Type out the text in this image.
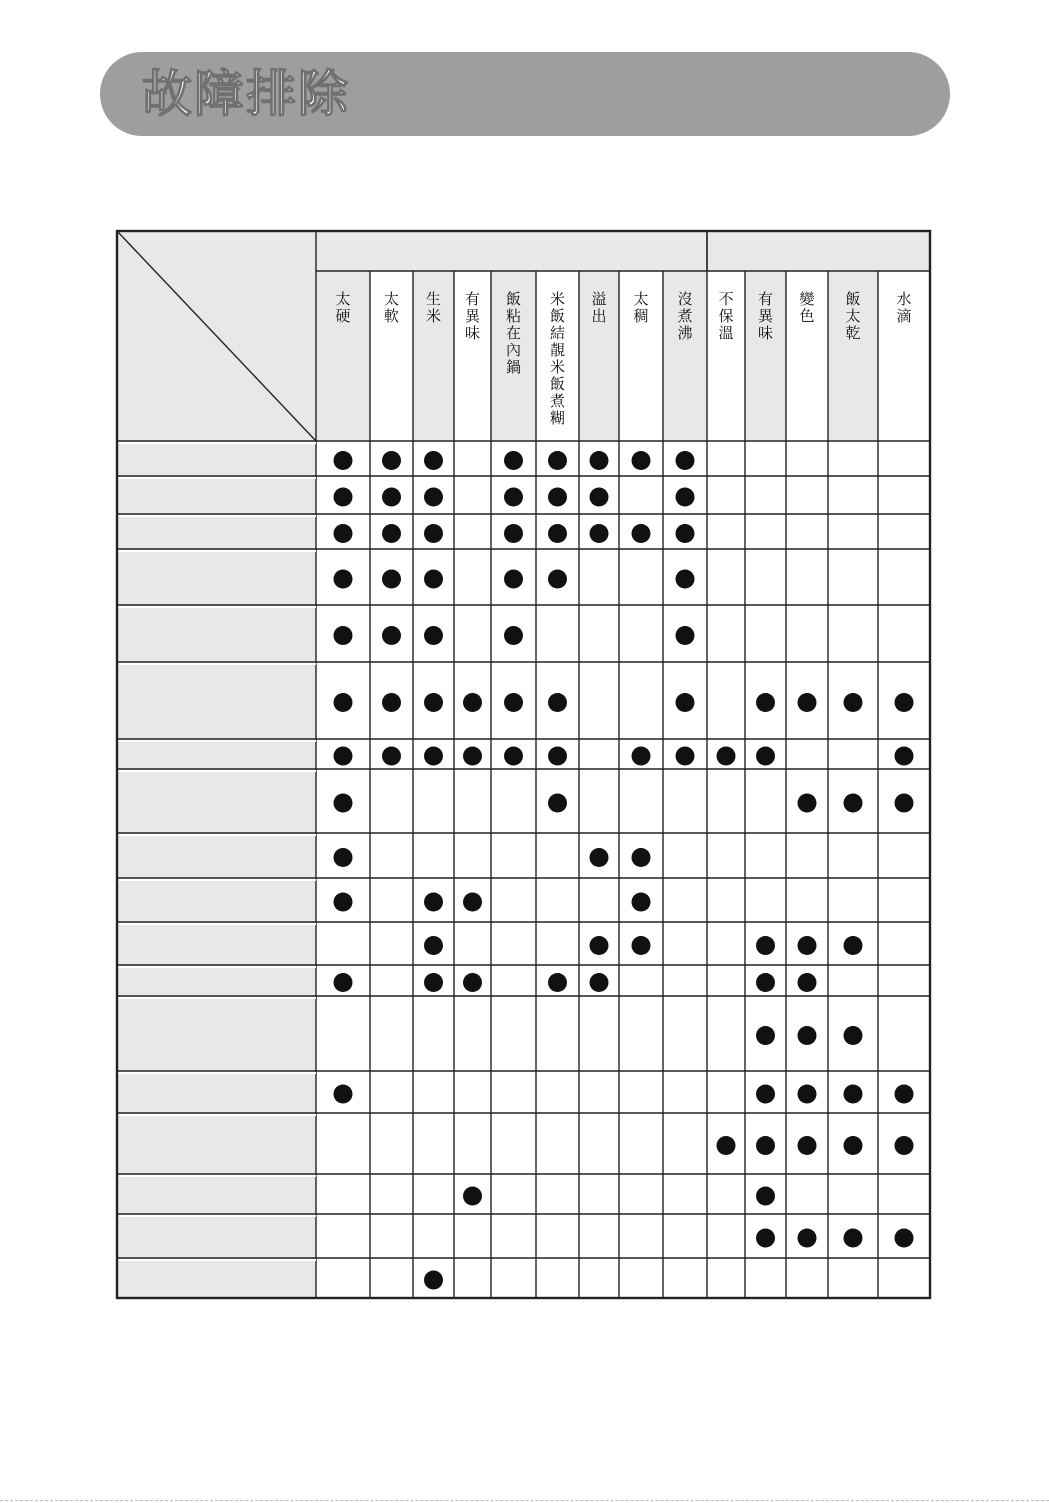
故障排除
太硬
太軟
生米
有異味
飯粘在內鍋
米飯結靚米飯煮糊
溢出
太稠
沒煮沸
不保溫
有異味
變色
飯太乾
水滴
